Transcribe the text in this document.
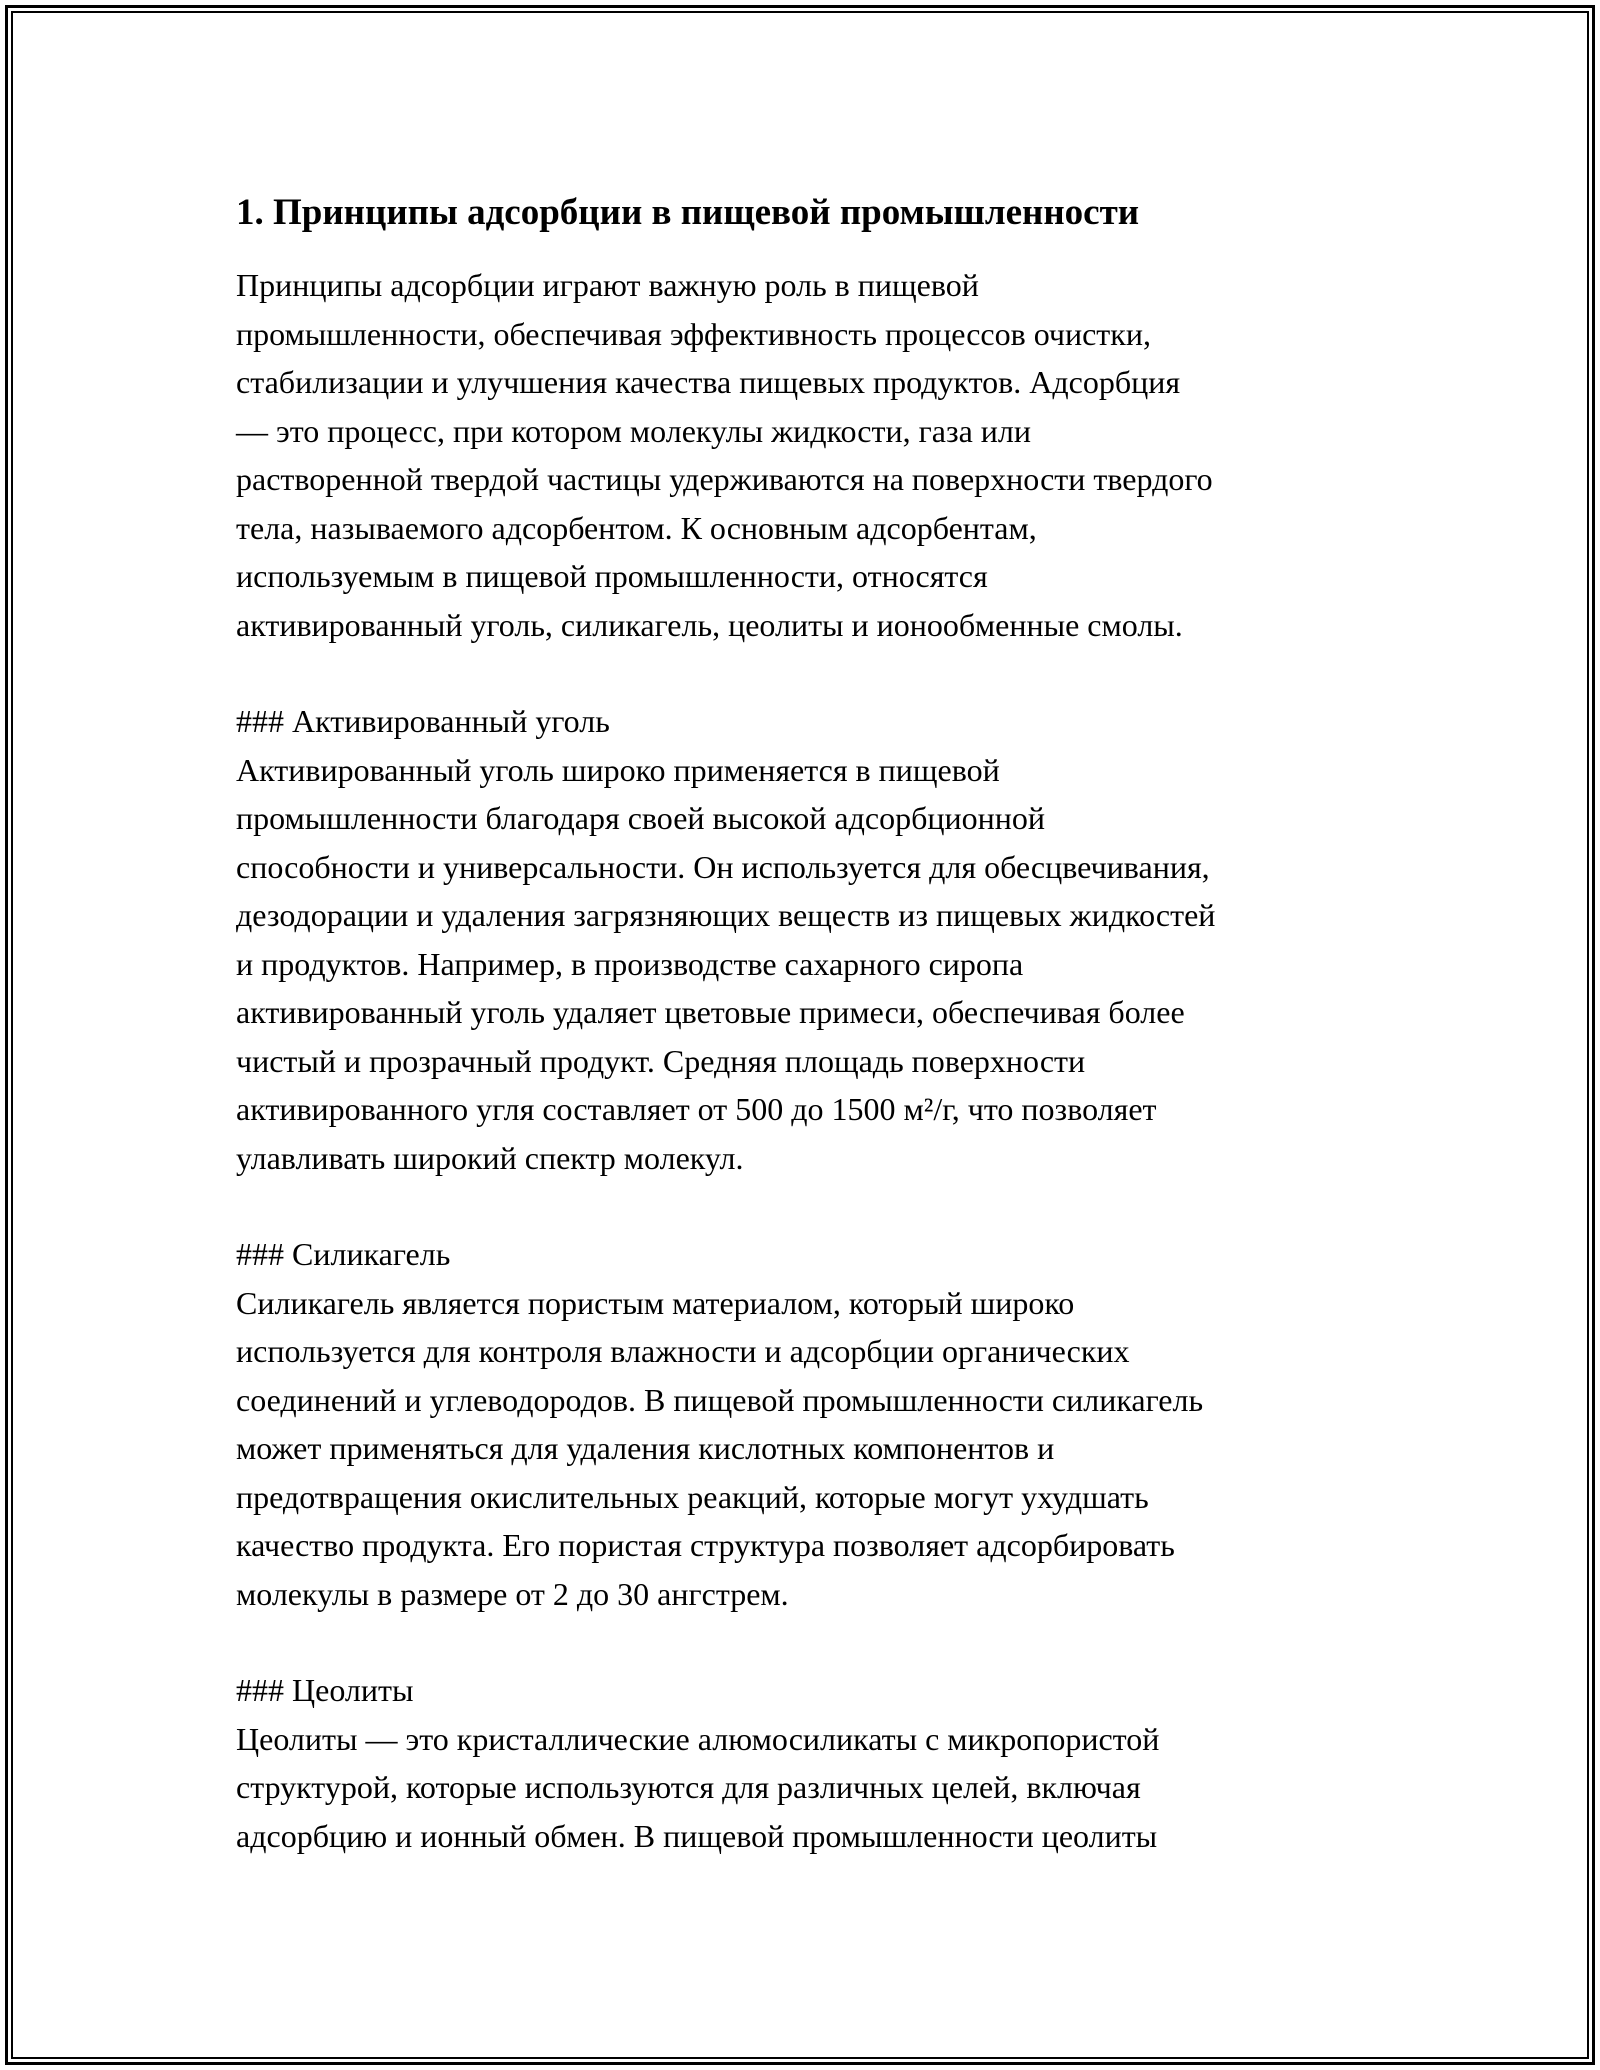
1. Принципы адсорбции в пищевой промышленности

Принципы адсорбции играют важную роль в пищевой
промышленности, обеспечивая эффективность процессов очистки,
стабилизации и улучшения качества пищевых продуктов. Адсорбция
— это процесс, при котором молекулы жидкости, газа или
растворенной твердой частицы удерживаются на поверхности твердого
тела, называемого адсорбентом. К основным адсорбентам,
используемым в пищевой промышленности, относятся
активированный уголь, силикагель, цеолиты и ионообменные смолы.

### Активированный уголь

Активированный уголь широко применяется в пищевой
промышленности благодаря своей высокой адсорбционной
способности и универсальности. Он используется для обесцвечивания,
дезодорации и удаления загрязняющих веществ из пищевых жидкостей
и продуктов. Например, в производстве сахарного сиропа
активированный уголь удаляет цветовые примеси, обеспечивая более
чистый и прозрачный продукт. Средняя площадь поверхности
активированного угля составляет от 500 до 1500 м²/г, что позволяет
улавливать широкий спектр молекул.

### Силикагель

Силикагель является пористым материалом, который широко
используется для контроля влажности и адсорбции органических
соединений и углеводородов. В пищевой промышленности силикагель
может применяться для удаления кислотных компонентов и
предотвращения окислительных реакций, которые могут ухудшать
качество продукта. Его пористая структура позволяет адсорбировать
молекулы в размере от 2 до 30 ангстрем.

### Цеолиты

Цеолиты — это кристаллические алюмосиликаты с микропористой
структурой, которые используются для различных целей, включая
адсорбцию и ионный обмен. В пищевой промышленности цеолиты
